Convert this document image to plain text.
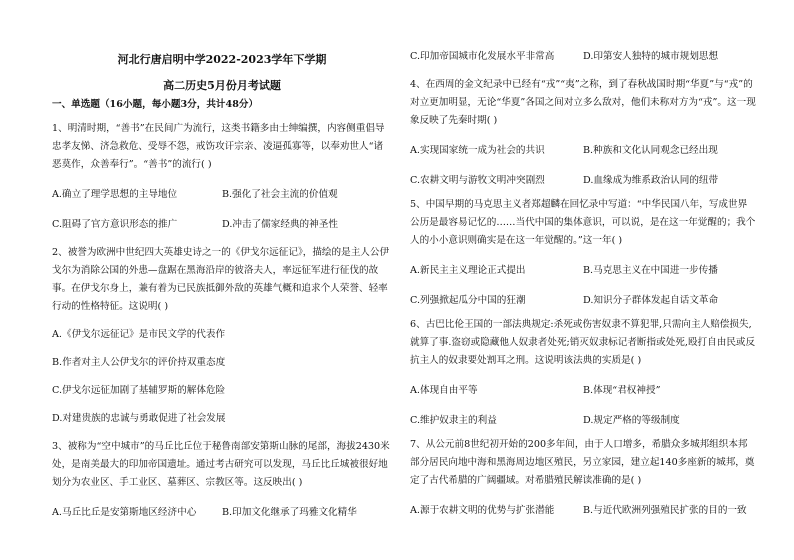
河北行唐启明中学2022-2023学年下学期
高二历史5月份月考试题
一、单选题（16小题，每小题3分，共计48分）
1、明清时期，“善书”在民间广为流行，这类书籍多由士绅编撰，内容侧重倡导忠孝友悌、济急救危、受辱不怨，戒饬攻讦宗亲、凌逼孤寡等，以奉劝世人“诸恶莫作，众善奉行”。“善书”的流行( )
A.确立了理学思想的主导地位	B.强化了社会主流的价值观
C.阻碍了官方意识形态的推广	D.冲击了儒家经典的神圣性
2、被誉为欧洲中世纪四大英雄史诗之一的《伊戈尔远征记》，描绘的是主人公伊戈尔为消除公国的外患—盘踞在黑海沿岸的彼洛夫人，率远征军进行征伐的故事。在伊戈尔身上，兼有着为已民族抵御外敌的英雄气概和追求个人荣誉、轻率行动的性格特征。这说明( )
A.《伊戈尔远征记》是市民文学的代表作
B.作者对主人公伊戈尔的评价持双重态度
C.伊戈尔远征加剧了基辅罗斯的解体危险
D.对建贵族的忠诚与勇敢促进了社会发展
3、被称为“空中城市”的马丘比丘位于秘鲁南部安第斯山脉的尾部，海拔2430米处，是南美最大的印加帝国遗址。通过考古研究可以发现，马丘比丘城被很好地划分为农业区、手工业区、墓葬区、宗教区等。这反映出( )
A.马丘比丘是安第斯地区经济中心	B.印加文化继承了玛雅文化精华
C.印加帝国城市化发展水平非常高	D.印第安人独特的城市规划思想
4、在西周的金文纪录中已经有“戎”“夷”之称，到了春秋战国时期“华夏”与“戎”的对立更加明显，无论“华夏”各国之间对立多么敌对，他们未称对方为“戎”。这一现象反映了先秦时期( )
A.实现国家统一成为社会的共识	B.种族和文化认同观念已经出现
C.农耕文明与游牧文明冲突剧烈	D.血缘成为维系政治认同的纽带
5、中国早期的马克思主义者郑超麟在回忆录中写道：“中华民国八年，写成世界公历是最容易记忆的……当代中国的集体意识，可以说，是在这一年觉醒的；我个人的小小意识则确实是在这一年觉醒的。”这一年( )
A.新民主主义理论正式提出	B.马克思主义在中国进一步传播
C.列强掀起瓜分中国的狂潮	D.知识分子群体发起自话文革命
6、古巴比伦王国的一部法典规定:杀死或伤害奴隶不算犯罪,只需向主人赔偿损失,就算了事.盗窃或隐藏他人奴隶者处死;销灭奴隶标记者断指或处死,殴打自由民或反抗主人的奴隶要处割耳之刑。这说明该法典的实质是( )
A.体现自由平等	B.体现“君权神授”
C.维护奴隶主的利益	D.规定严格的等级制度
7、从公元前8世纪初开始的200多年间，由于人口增多，希腊众多城邦组织本邦部分居民向地中海和黑海周边地区殖民，另立家园，建立起140多座新的城邦，奠定了古代希腊的广阔疆域。对希腊殖民解读准确的是( )
A.源于农耕文明的优势与扩张潜能	B.与近代欧洲列强殖民扩张的目的一致
